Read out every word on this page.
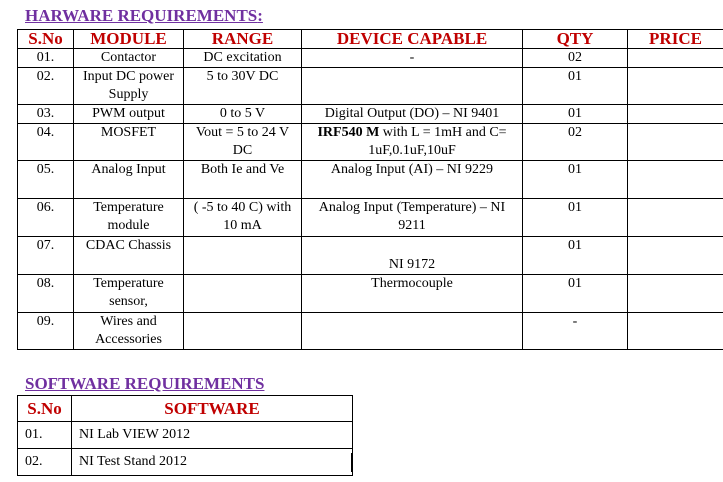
HARWARE REQUIREMENTS:

S.No	MODULE	RANGE	DEVICE CAPABLE	QTY	PRICE
01.	Contactor	DC excitation	-	02	
02.	Input DC power Supply	5 to 30V DC		01	
03.	PWM output	0 to 5 V	Digital Output (DO) – NI 9401	01	
04.	MOSFET	Vout = 5 to 24 V DC	IRF540 M with L = 1mH and C= 1uF,0.1uF,10uF	02	
05.	Analog Input	Both Ie and Ve	Analog Input (AI) – NI 9229	01	
06.	Temperature module	( -5 to 40 C) with 10 mA	Analog Input (Temperature) – NI 9211	01	
07.	CDAC Chassis		NI 9172	01	
08.	Temperature sensor,		Thermocouple	01	
09.	Wires and Accessories			-	

SOFTWARE REQUIREMENTS

S.No	SOFTWARE
01.	NI Lab VIEW 2012
02.	NI Test Stand 2012
